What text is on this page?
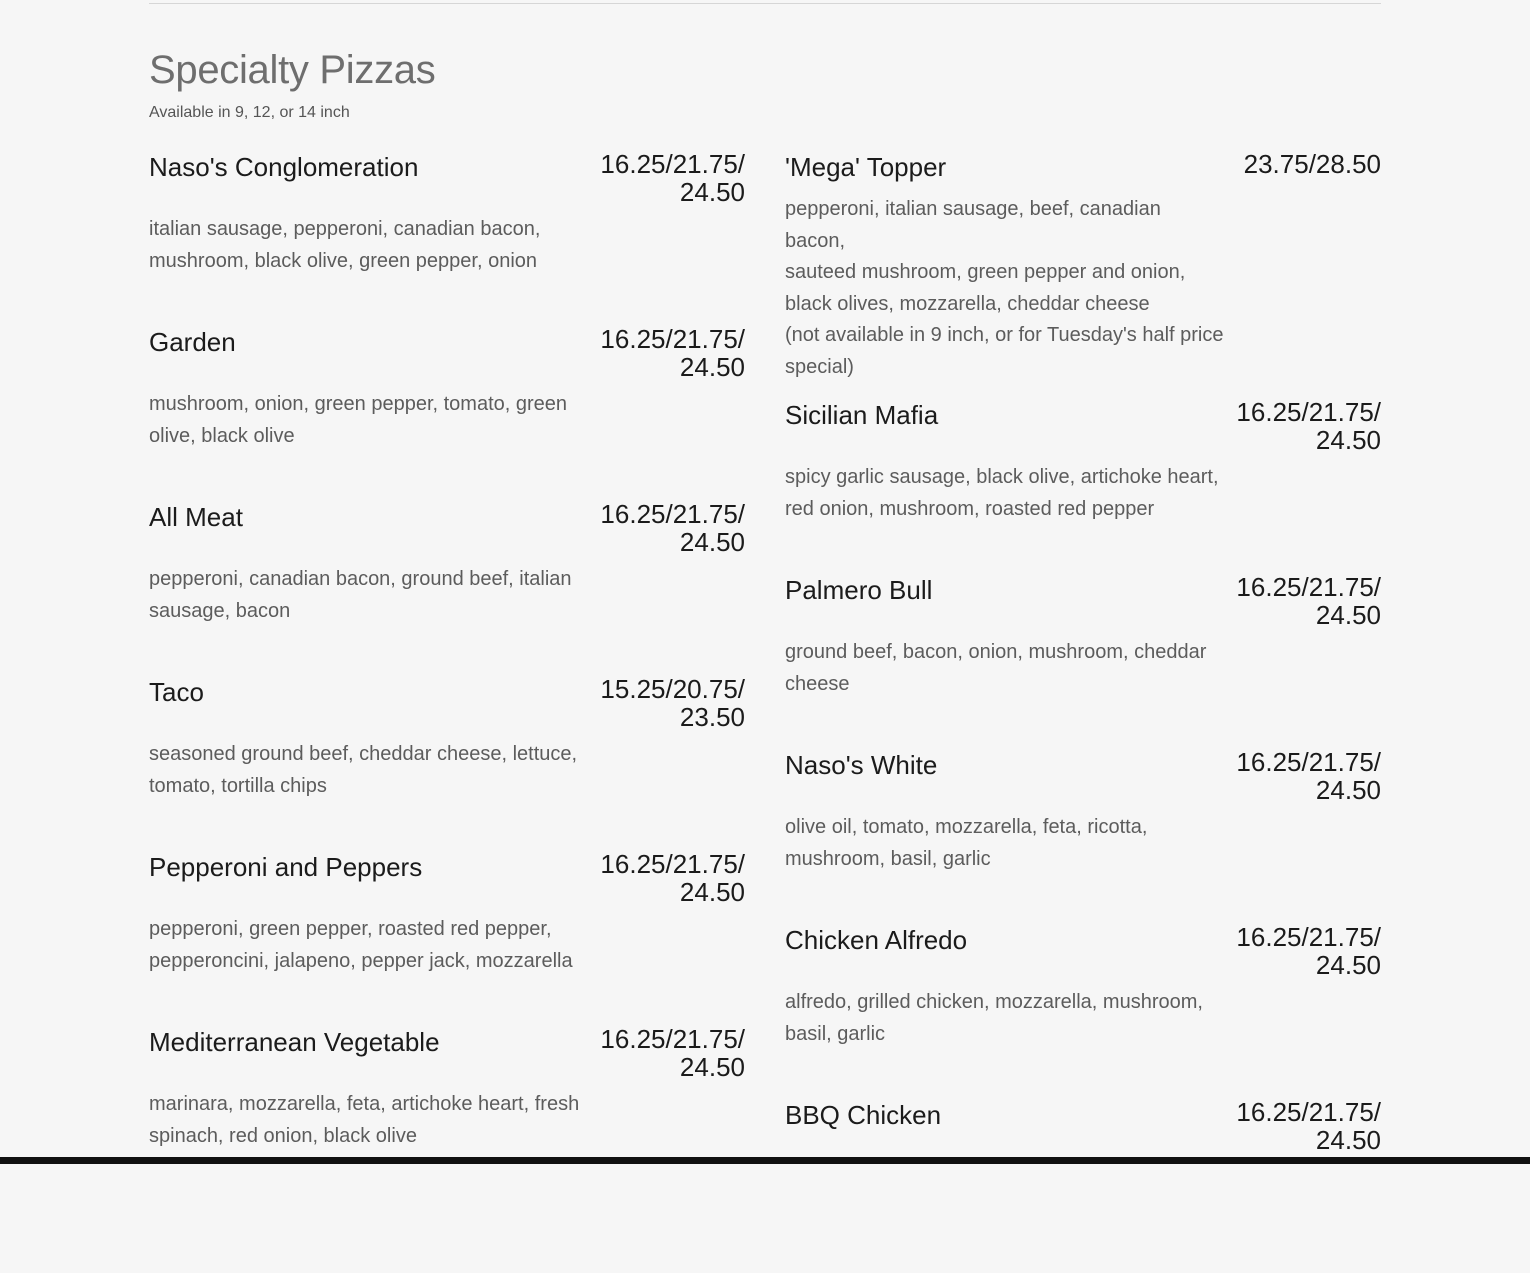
Specialty Pizzas

Available in 9, 12, or 14 inch

Naso's Conglomeration	16.25/21.75/
24.50

italian sausage, pepperoni, canadian bacon,
mushroom, black olive, green pepper, onion

Garden	16.25/21.75/
24.50

mushroom, onion, green pepper, tomato, green
olive, black olive

All Meat	16.25/21.75/
24.50

pepperoni, canadian bacon, ground beef, italian
sausage, bacon

Taco	15.25/20.75/
23.50

seasoned ground beef, cheddar cheese, lettuce,
tomato, tortilla chips

Pepperoni and Peppers	16.25/21.75/
24.50

pepperoni, green pepper, roasted red pepper,
pepperoncini, jalapeno, pepper jack, mozzarella

Mediterranean Vegetable	16.25/21.75/
24.50

marinara, mozzarella, feta, artichoke heart, fresh
spinach, red onion, black olive

'Mega' Topper	23.75/28.50

pepperoni, italian sausage, beef, canadian bacon,
sauteed mushroom, green pepper and onion,
black olives, mozzarella, cheddar cheese
(not available in 9 inch, or for Tuesday's half price
special)

Sicilian Mafia	16.25/21.75/
24.50

spicy garlic sausage, black olive, artichoke heart,
red onion, mushroom, roasted red pepper

Palmero Bull	16.25/21.75/
24.50

ground beef, bacon, onion, mushroom, cheddar
cheese

Naso's White	16.25/21.75/
24.50

olive oil, tomato, mozzarella, feta, ricotta,
mushroom, basil, garlic

Chicken Alfredo	16.25/21.75/
24.50

alfredo, grilled chicken, mozzarella, mushroom,
basil, garlic

BBQ Chicken	16.25/21.75/
24.50
